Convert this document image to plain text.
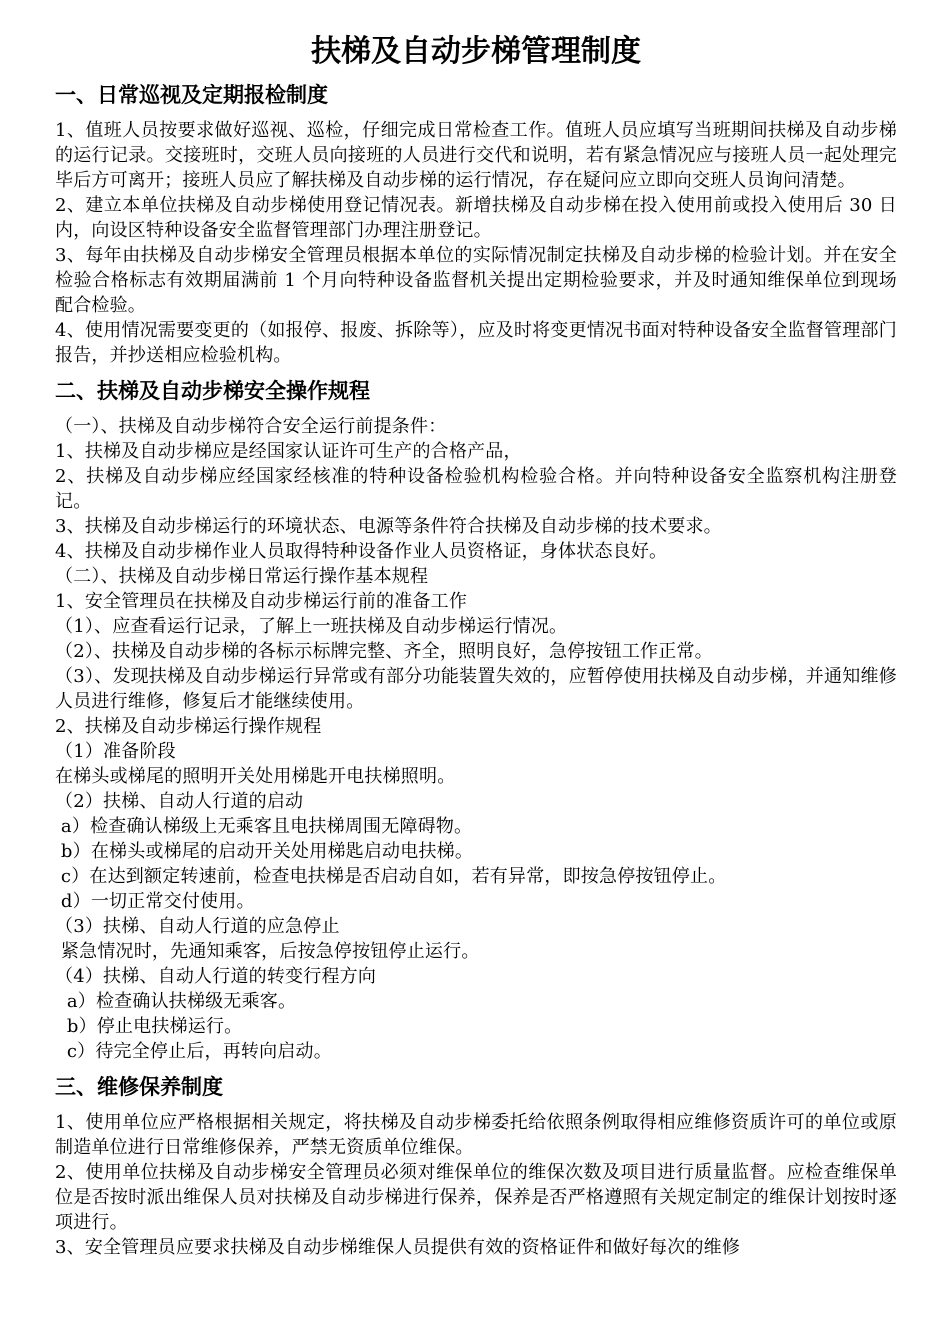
扶梯及自动步梯管理制度
一、日常巡视及定期报检制度

1、值班人员按要求做好巡视、巡检，仔细完成日常检查工作。值班人员应填写当班期间扶梯及自动步梯的运行记录。交接班时，交班人员向接班的人员进行交代和说明，若有紧急情况应与接班人员一起处理完毕后方可离开；接班人员应了解扶梯及自动步梯的运行情况，存在疑问应立即向交班人员询问清楚。

2、建立本单位扶梯及自动步梯使用登记情况表。新增扶梯及自动步梯在投入使用前或投入使用后 30 日内，向设区特种设备安全监督管理部门办理注册登记。

3、每年由扶梯及自动步梯安全管理员根据本单位的实际情况制定扶梯及自动步梯的检验计划。并在安全检验合格标志有效期届满前 1 个月向特种设备监督机关提出定期检验要求，并及时通知维保单位到现场配合检验。

4、使用情况需要变更的（如报停、报废、拆除等），应及时将变更情况书面对特种设备安全监督管理部门报告，并抄送相应检验机构。

二、扶梯及自动步梯安全操作规程

（一）、扶梯及自动步梯符合安全运行前提条件：

1、扶梯及自动步梯应是经国家认证许可生产的合格产品，

2、扶梯及自动步梯应经国家经核准的特种设备检验机构检验合格。并向特种设备安全监察机构注册登记。

3、扶梯及自动步梯运行的环境状态、电源等条件符合扶梯及自动步梯的技术要求。

4、扶梯及自动步梯作业人员取得特种设备作业人员资格证，身体状态良好。

（二）、扶梯及自动步梯日常运行操作基本规程

1、安全管理员在扶梯及自动步梯运行前的准备工作

（1）、应查看运行记录，了解上一班扶梯及自动步梯运行情况。

（2）、扶梯及自动步梯的各标示标牌完整、齐全，照明良好，急停按钮工作正常。

（3）、发现扶梯及自动步梯运行异常或有部分功能装置失效的，应暂停使用扶梯及自动步梯，并通知维修人员进行维修，修复后才能继续使用。

2、扶梯及自动步梯运行操作规程

（1）准备阶段

在梯头或梯尾的照明开关处用梯匙开电扶梯照明。

（2）扶梯、自动人行道的启动

a）检查确认梯级上无乘客且电扶梯周围无障碍物。

b）在梯头或梯尾的启动开关处用梯匙启动电扶梯。

c）在达到额定转速前，检查电扶梯是否启动自如，若有异常，即按急停按钮停止。

d）一切正常交付使用。

（3）扶梯、自动人行道的应急停止

紧急情况时，先通知乘客，后按急停按钮停止运行。

（4）扶梯、自动人行道的转变行程方向

a）检查确认扶梯级无乘客。

b）停止电扶梯运行。

c）待完全停止后，再转向启动。

三、维修保养制度

1、使用单位应严格根据相关规定，将扶梯及自动步梯委托给依照条例取得相应维修资质许可的单位或原制造单位进行日常维修保养，严禁无资质单位维保。

2、使用单位扶梯及自动步梯安全管理员必须对维保单位的维保次数及项目进行质量监督。应检查维保单位是否按时派出维保人员对扶梯及自动步梯进行保养，保养是否严格遵照有关规定制定的维保计划按时逐项进行。

3、安全管理员应要求扶梯及自动步梯维保人员提供有效的资格证件和做好每次的维修
